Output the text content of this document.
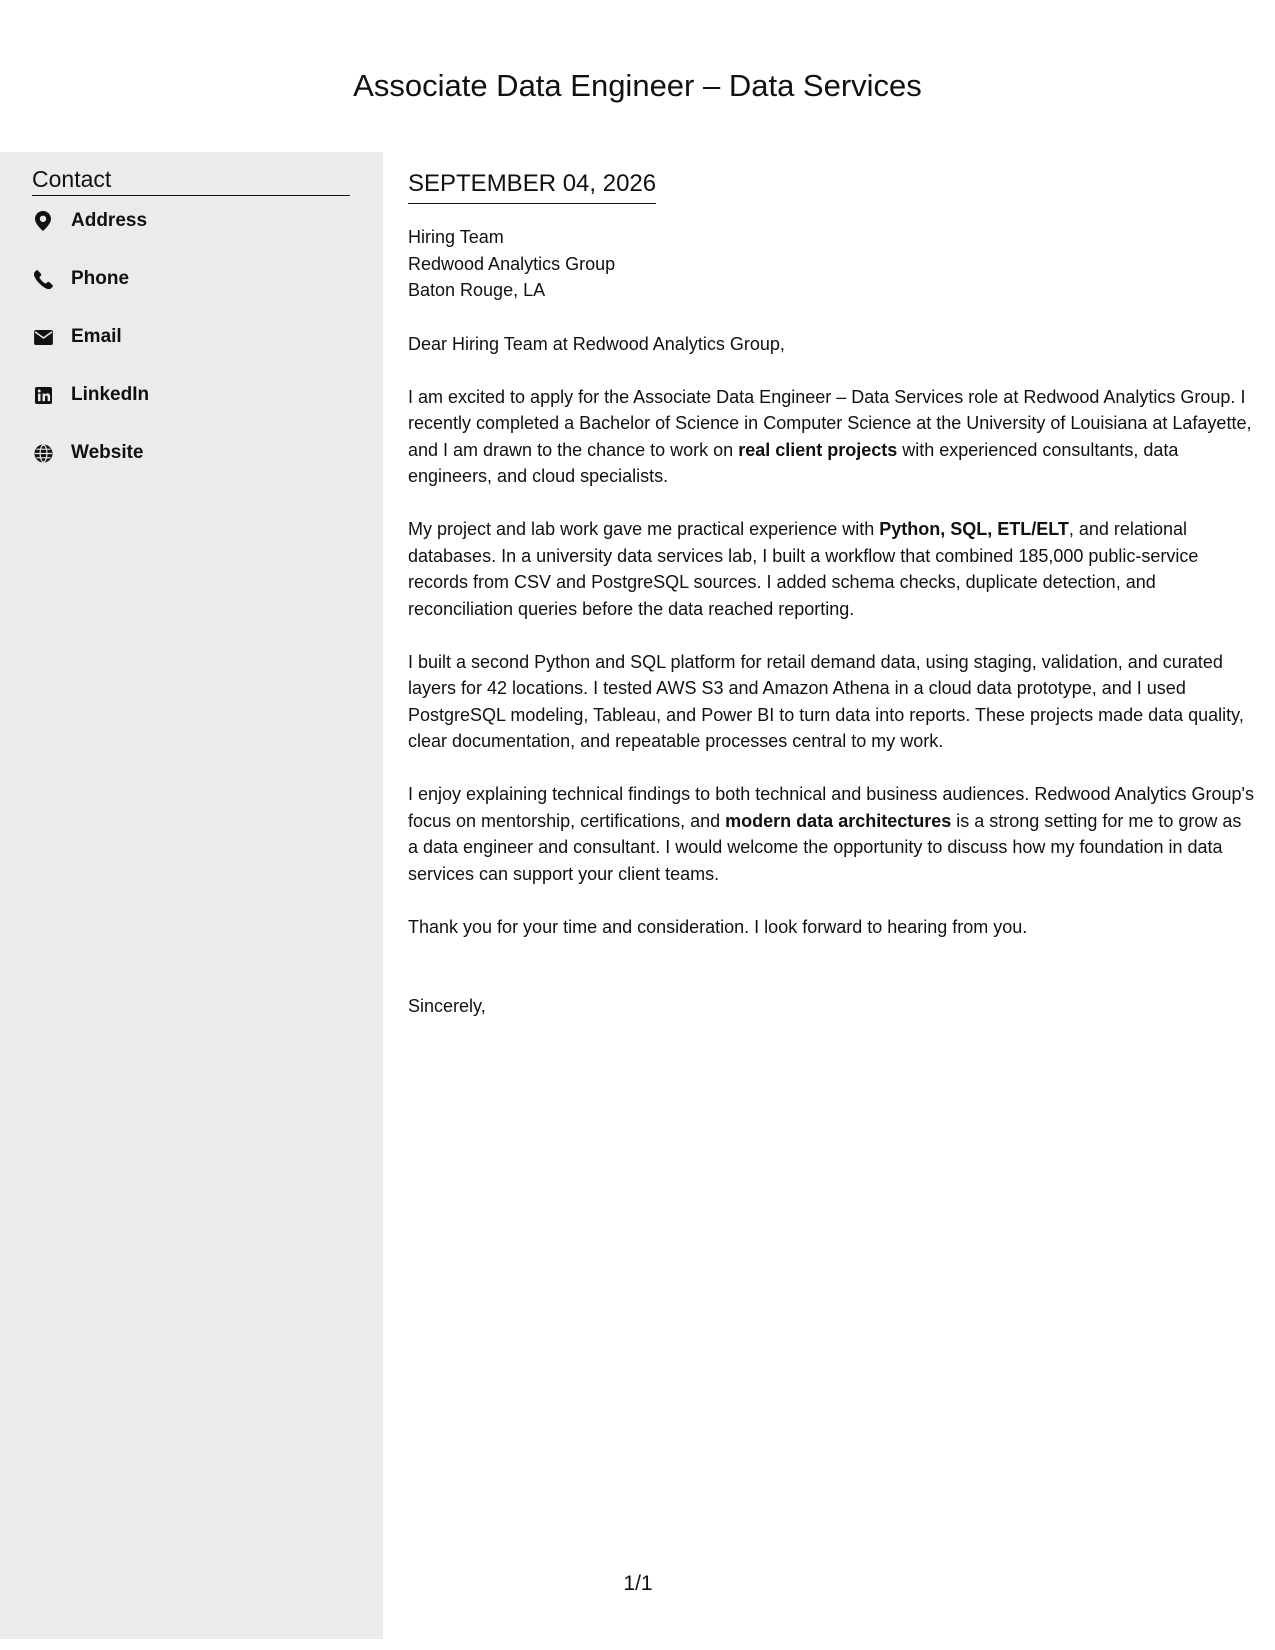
Associate Data Engineer – Data Services
Contact
Address
Phone
Email
LinkedIn
Website
SEPTEMBER 04, 2026
Hiring Team
Redwood Analytics Group
Baton Rouge, LA
Dear Hiring Team at Redwood Analytics Group,

I am excited to apply for the Associate Data Engineer – Data Services role at Redwood Analytics Group. I recently completed a Bachelor of Science in Computer Science at the University of Louisiana at Lafayette, and I am drawn to the chance to work on real client projects with experienced consultants, data engineers, and cloud specialists.

My project and lab work gave me practical experience with Python, SQL, ETL/ELT, and relational databases. In a university data services lab, I built a workflow that combined 185,000 public-service records from CSV and PostgreSQL sources. I added schema checks, duplicate detection, and reconciliation queries before the data reached reporting.

I built a second Python and SQL platform for retail demand data, using staging, validation, and curated layers for 42 locations. I tested AWS S3 and Amazon Athena in a cloud data prototype, and I used PostgreSQL modeling, Tableau, and Power BI to turn data into reports. These projects made data quality, clear documentation, and repeatable processes central to my work.

I enjoy explaining technical findings to both technical and business audiences. Redwood Analytics Group's focus on mentorship, certifications, and modern data architectures is a strong setting for me to grow as a data engineer and consultant. I would welcome the opportunity to discuss how my foundation in data services can support your client teams.

Thank you for your time and consideration. I look forward to hearing from you.

Sincerely,
1/1
